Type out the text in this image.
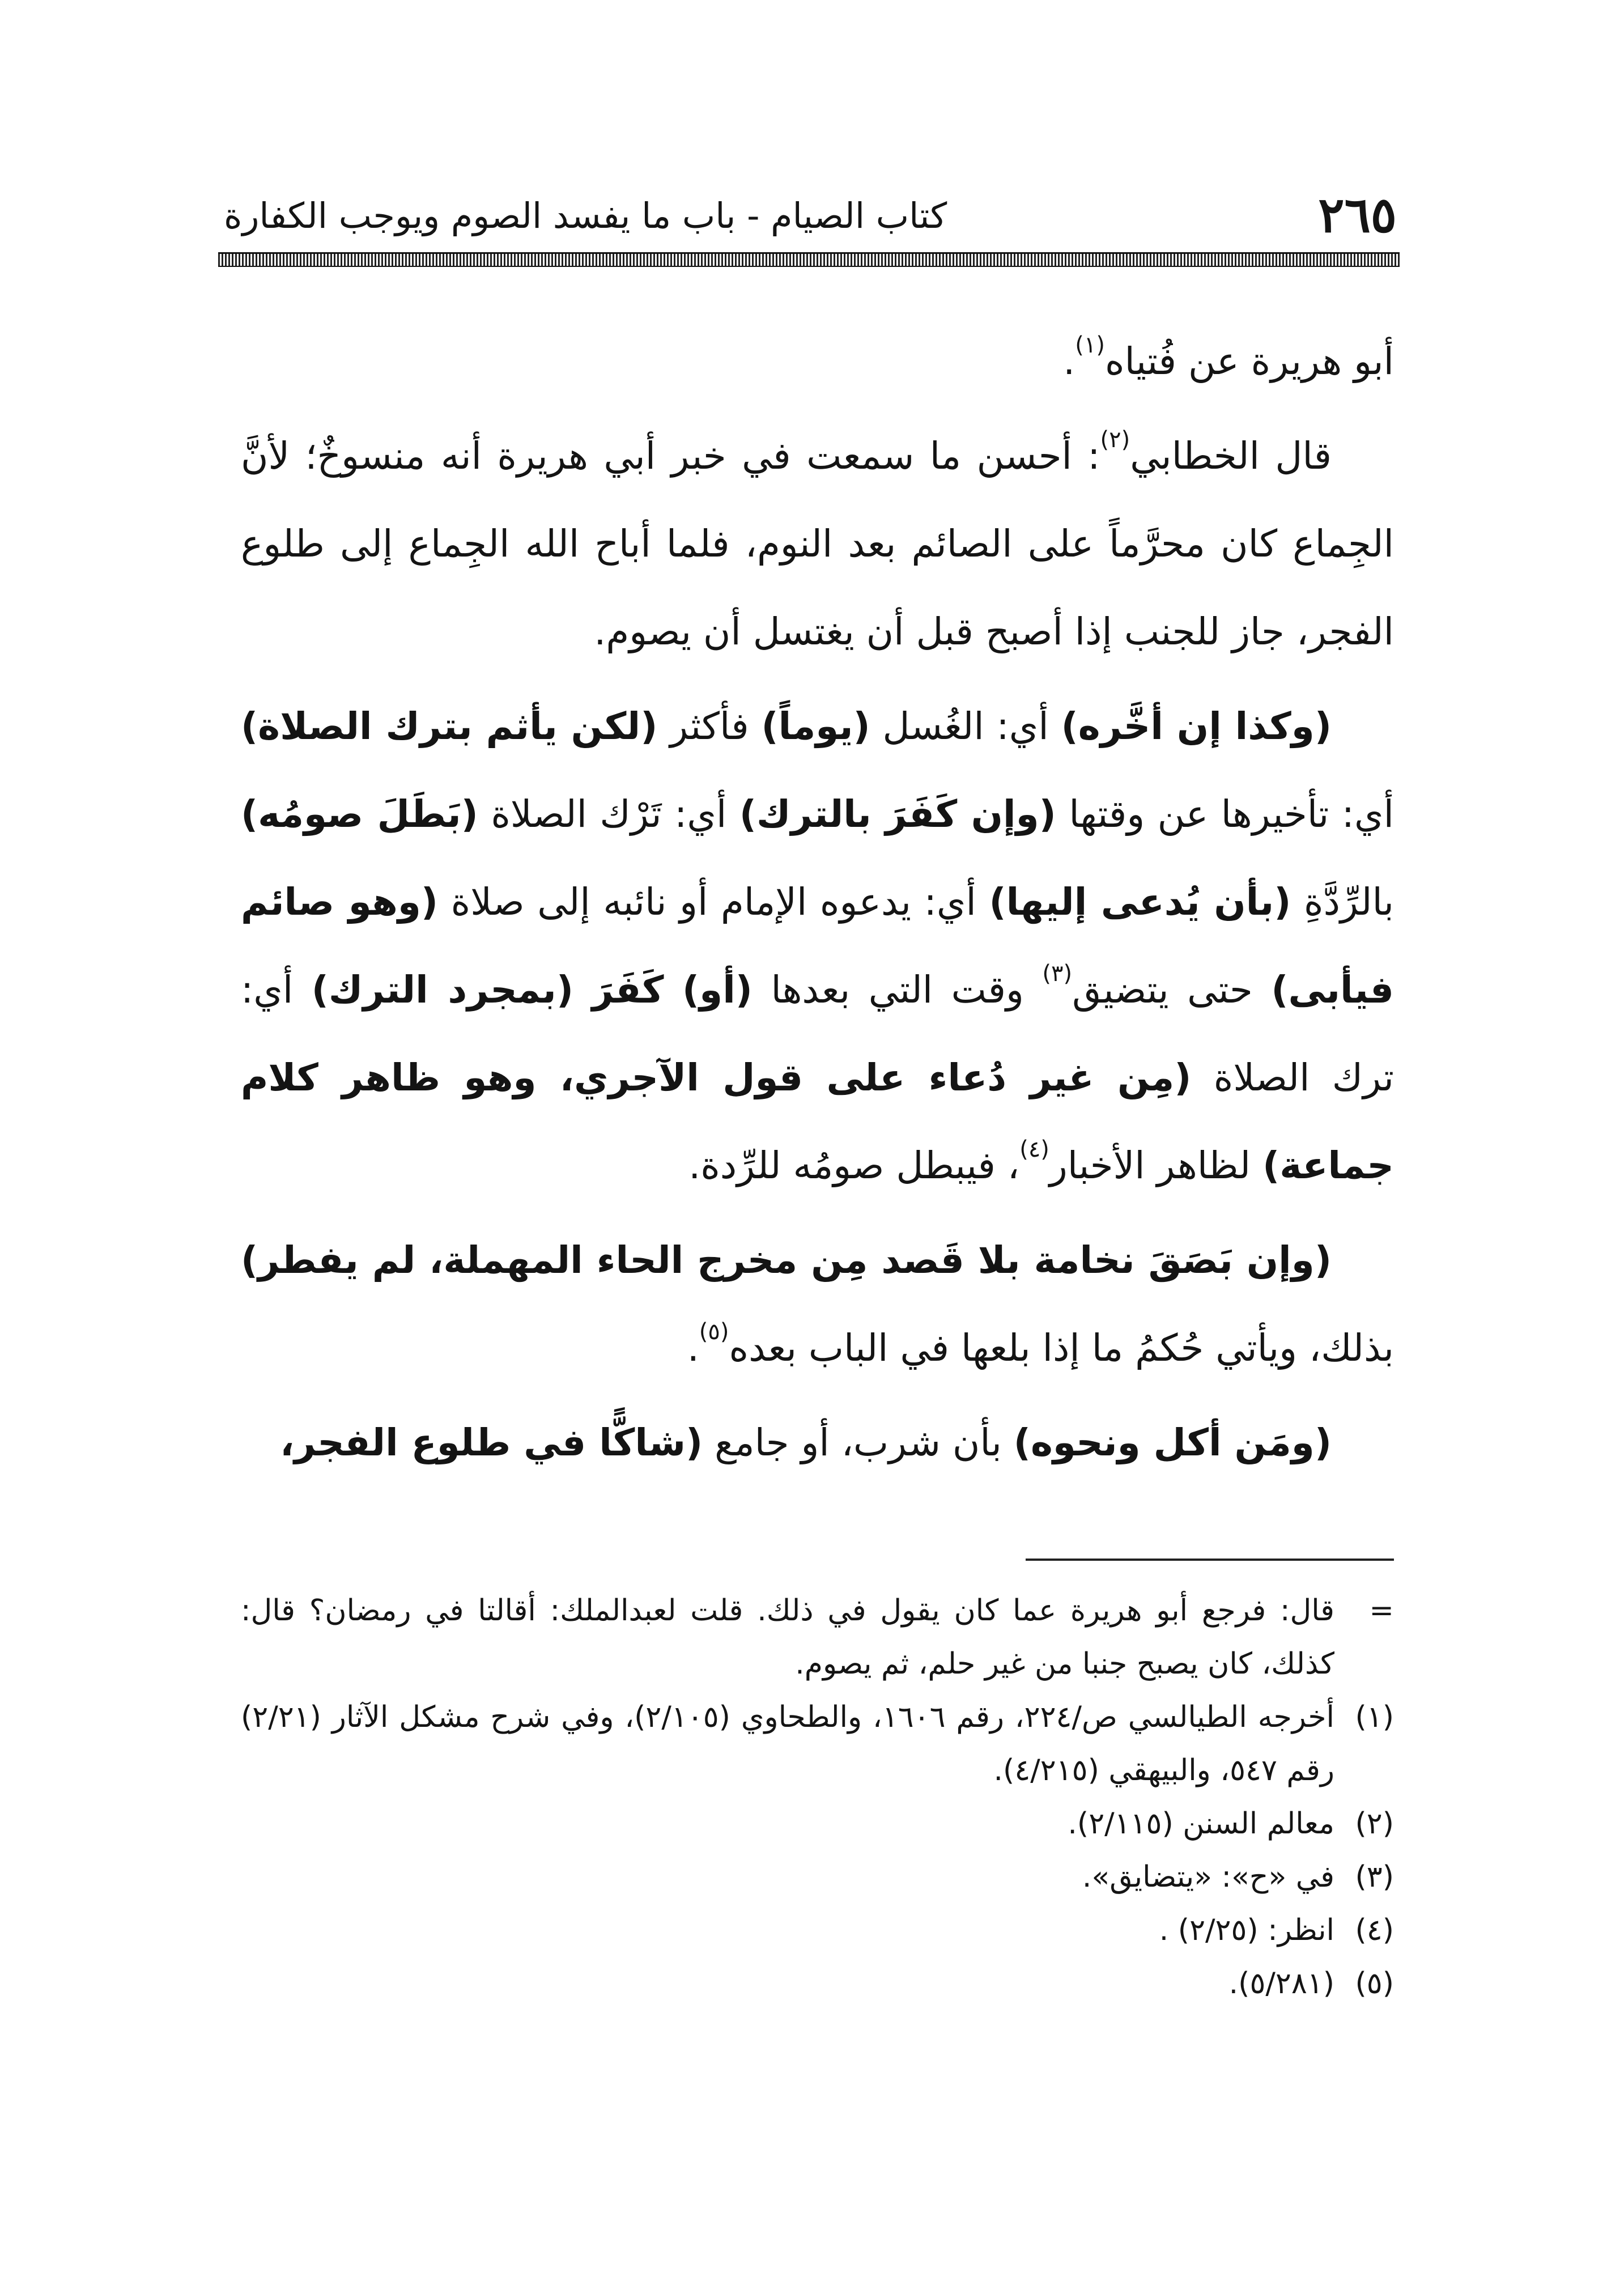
٢٦٥
كتاب الصيام - باب ما يفسد الصوم ويوجب الكفارة

أبو هريرة عن فُتياه$^{(١)}$.

قال الخطابي$^{(٢)}$: أحسن ما سمعت في خبر أبي هريرة أنه منسوخٌ؛ لأنَّ الجِماع كان محرَّماً على الصائم بعد النوم، فلما أباح الله الجِماع إلى طلوع الفجر، جاز للجنب إذا أصبح قبل أن يغتسل أن يصوم.

(وكذا إن أخَّره) أي: الغُسل (يوماً) فأكثر (لكن يأثم بترك الصلاة) أي: تأخيرها عن وقتها (وإن كَفَرَ بالترك) أي: تَرْك الصلاة (بَطَلَ صومُه) بالرِّدَّةِ (بأن يُدعى إليها) أي: يدعوه الإمام أو نائبه إلى صلاة (وهو صائم فيأبى) حتى يتضيق$^{(٣)}$ وقت التي بعدها (أو) كَفَرَ (بمجرد الترك) أي: ترك الصلاة (مِن غير دُعاء على قول الآجري، وهو ظاهر كلام جماعة) لظاهر الأخبار$^{(٤)}$، فيبطل صومُه للرِّدة.

(وإن بَصَقَ نخامة بلا قَصد مِن مخرج الحاء المهملة، لم يفطر) بذلك، ويأتي حُكمُ ما إذا بلعها في الباب بعده$^{(٥)}$.

(ومَن أكل ونحوه) بأن شرب، أو جامع (شاكًّا في طلوع الفجر،

=
قال: فرجع أبو هريرة عما كان يقول في ذلك. قلت لعبدالملك: أقالتا في رمضان؟ قال: كذلك، كان يصبح جنبا من غير حلم، ثم يصوم.
(١)
أخرجه الطيالسي ص/٢٢٤، رقم ١٦٠٦، والطحاوي (٢/١٠٥)، وفي شرح مشكل الآثار (٢/٢١) رقم ٥٤٧، والبيهقي (٤/٢١٥).
(٢)
معالم السنن (٢/١١٥).
(٣)
في «ح»: «يتضايق».
(٤)
انظر: (٢/٢٥) .
(٥)
(٥/٢٨١).
